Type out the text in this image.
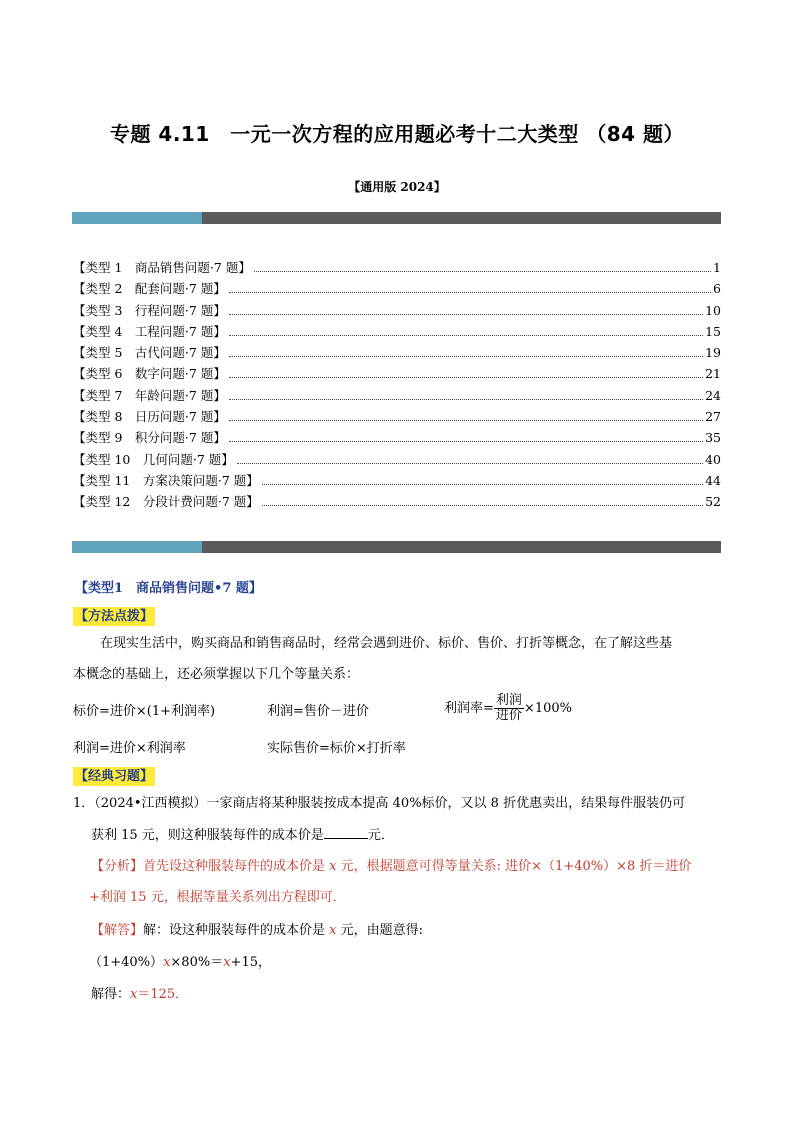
专题 4.11　一元一次方程的应用题必考十二大类型 （84 题）
【通用版 2024】
【类型 1　商品销售问题·7 题】	1
【类型 2　配套问题·7 题】	6
【类型 3　行程问题·7 题】	10
【类型 4　工程问题·7 题】	15
【类型 5　古代问题·7 题】	19
【类型 6　数字问题·7 题】	21
【类型 7　年龄问题·7 题】	24
【类型 8　日历问题·7 题】	27
【类型 9　积分问题·7 题】	35
【类型 10　几何问题·7 题】	40
【类型 11　方案决策问题·7 题】	44
【类型 12　分段计费问题·7 题】	52
【类型1　商品销售问题•7 题】
【方法点拨】
在现实生活中，购买商品和销售商品时，经常会遇到进价、标价、售价、打折等概念，在了解这些基
本概念的基础上，还必须掌握以下几个等量关系：
标价=进价×(1+利润率)	利润=售价－进价	利润率= $\frac{\text{利润}}{\text{进价}} \times 100\%$
利润=进价×利润率	实际售价=标价×打折率
【经典习题】
1．（2024•江西模拟）一家商店将某种服装按成本提高 40%标价，又以 8 折优惠卖出，结果每件服装仍可
获利 15 元，则这种服装每件的成本价是	元．
【分析】首先设这种服装每件的成本价是 x 元，根据题意可得等量关系: 进价×（1+40%）×8 折＝进价
+利润 15 元，根据等量关系列出方程即可．
【解答】解：设这种服装每件的成本价是 x 元，由题意得:
（1+40%）x×80%＝x+15，
解得：x＝125．
